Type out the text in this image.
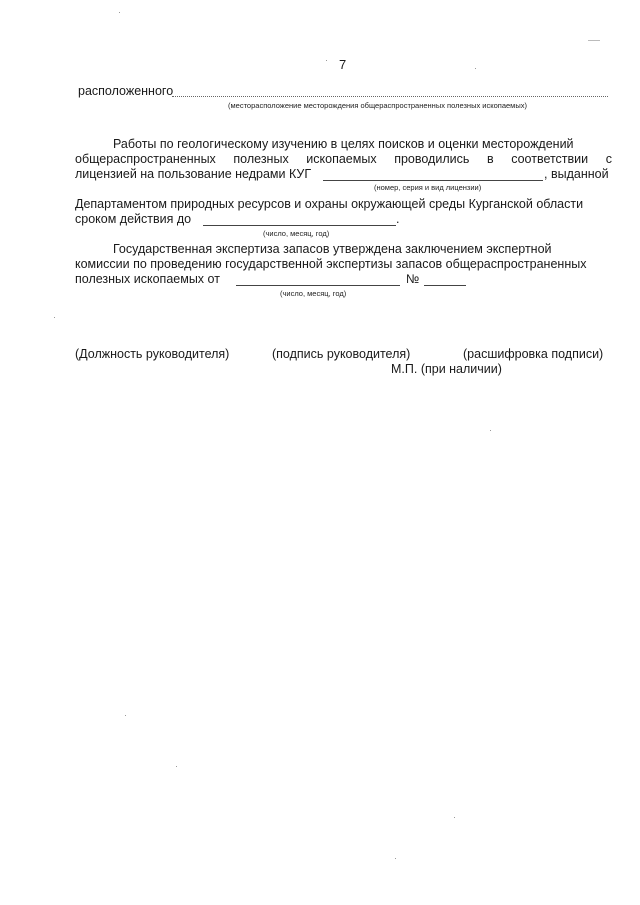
7
расположенного
(месторасположение месторождения общераспространенных полезных ископаемых)
Работы по геологическому изучению в целях поисков и оценки месторождений
общераспространенных полезных ископаемых проводились в соответствии с
лицензией на пользование недрами КУГ	, выданной
(номер, серия и вид лицензии)
Департаментом природных ресурсов и охраны окружающей среды Курганской области
сроком действия до	.
(число, месяц, год)
Государственная экспертиза запасов утверждена заключением экспертной
комиссии по проведению государственной экспертизы запасов общераспространенных
полезных ископаемых от	№
(число, месяц, год)
(Должность руководителя)	(подпись руководителя)	(расшифровка подписи)
М.П. (при наличии)
